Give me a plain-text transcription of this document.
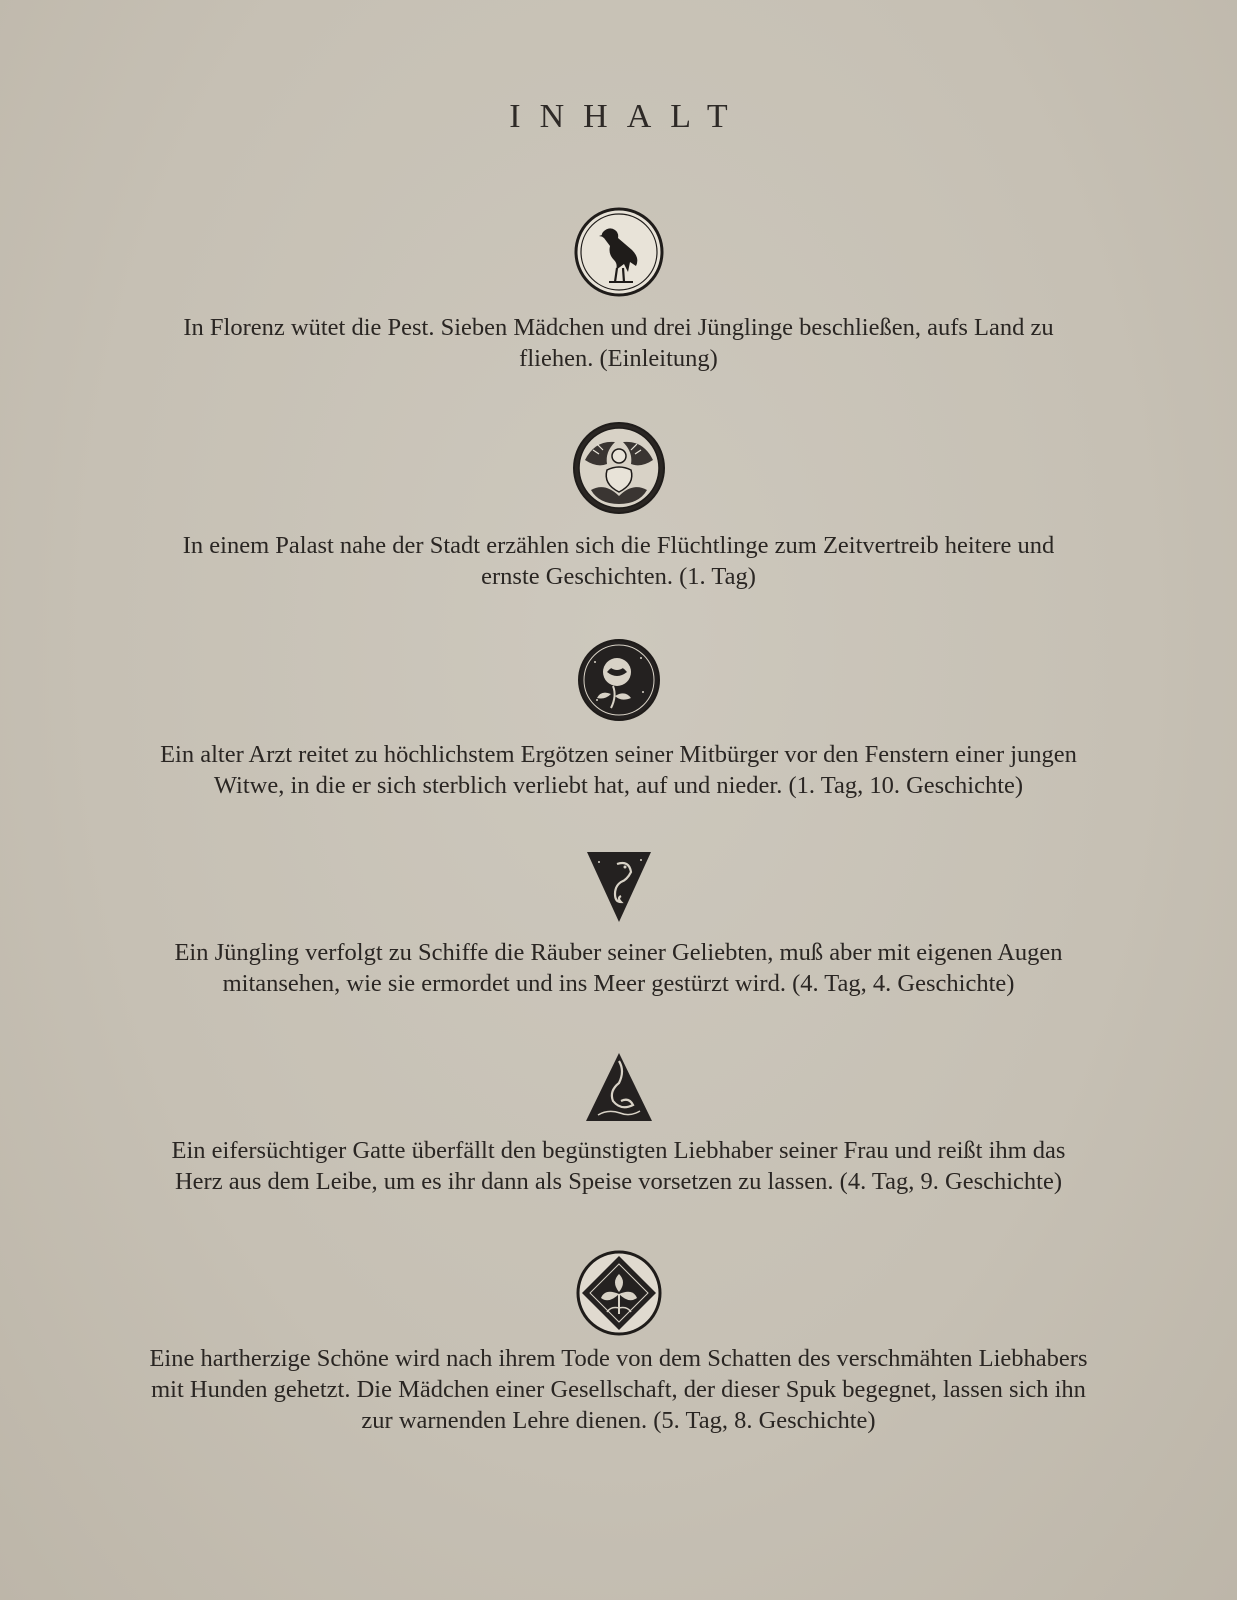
INHALT
In Florenz wütet die Pest. Sieben Mädchen und drei Jünglinge beschließen, aufs Land zu
fliehen. (Einleitung)
In einem Palast nahe der Stadt erzählen sich die Flüchtlinge zum Zeitvertreib heitere und
ernste Geschichten. (1. Tag)
Ein alter Arzt reitet zu höchlichstem Ergötzen seiner Mitbürger vor den Fenstern einer jungen
Witwe, in die er sich sterblich verliebt hat, auf und nieder. (1. Tag, 10. Geschichte)
Ein Jüngling verfolgt zu Schiffe die Räuber seiner Geliebten, muß aber mit eigenen Augen
mitansehen, wie sie ermordet und ins Meer gestürzt wird. (4. Tag, 4. Geschichte)
Ein eifersüchtiger Gatte überfällt den begünstigten Liebhaber seiner Frau und reißt ihm das
Herz aus dem Leibe, um es ihr dann als Speise vorsetzen zu lassen. (4. Tag, 9. Geschichte)
Eine hartherzige Schöne wird nach ihrem Tode von dem Schatten des verschmähten Liebhabers
mit Hunden gehetzt. Die Mädchen einer Gesellschaft, der dieser Spuk begegnet, lassen sich ihn
zur warnenden Lehre dienen. (5. Tag, 8. Geschichte)
